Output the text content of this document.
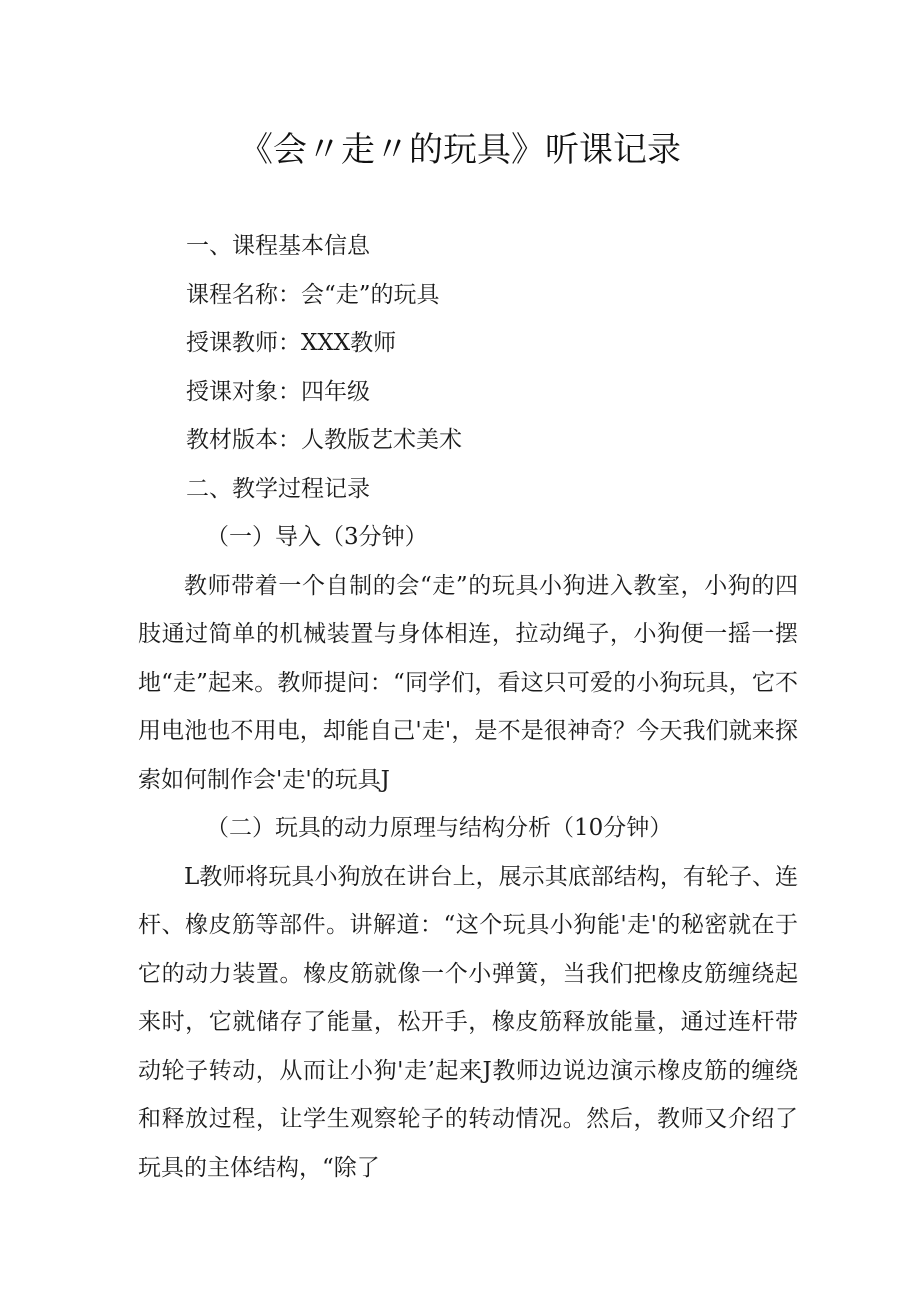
《会〃走〃的玩具》听课记录
一、课程基本信息
课程名称：会“走”的玩具
授课教师：XXX教师
授课对象：四年级
教材版本：人教版艺术美术
二、教学过程记录
（一）导入（3分钟）

教师带着一个自制的会“走”的玩具小狗进入教室，小狗的四肢通过简单的机械装置与身体相连，拉动绳子，小狗便一摇一摆地“走”起来。教师提问：“同学们，看这只可爱的小狗玩具，它不用电池也不用电，却能自己'走'，是不是很神奇？今天我们就来探索如何制作会'走'的玩具J

（二）玩具的动力原理与结构分析（10分钟）

L教师将玩具小狗放在讲台上，展示其底部结构，有轮子、连杆、橡皮筋等部件。讲解道：“这个玩具小狗能'走'的秘密就在于它的动力装置。橡皮筋就像一个小弹簧，当我们把橡皮筋缠绕起来时，它就储存了能量，松开手，橡皮筋释放能量，通过连杆带动轮子转动，从而让小狗'走’起来J教师边说边演示橡皮筋的缠绕和释放过程，让学生观察轮子的转动情况。然后，教师又介绍了玩具的主体结构，“除了
